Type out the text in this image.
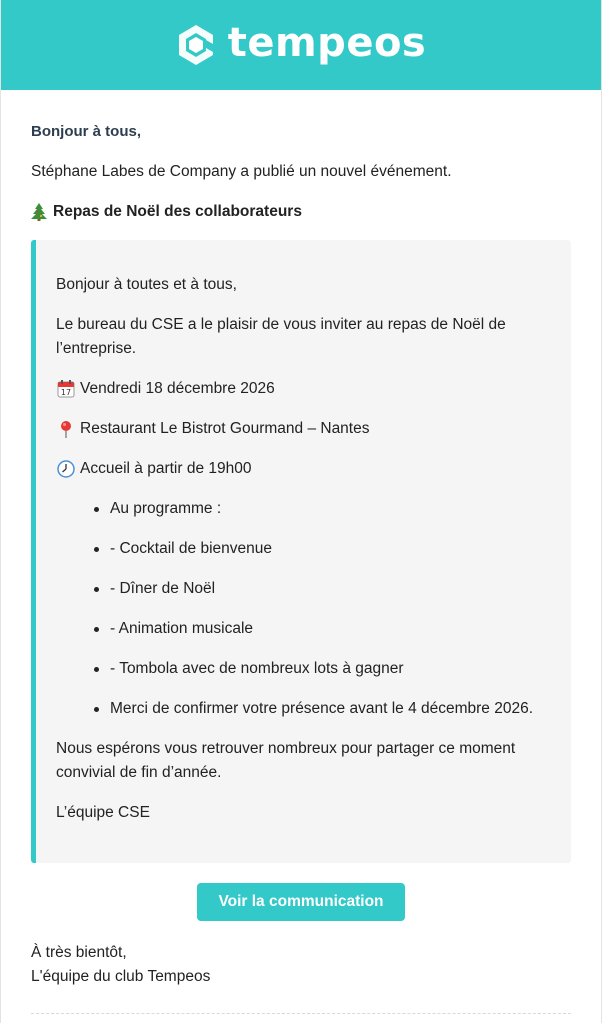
tempeos
Bonjour à tous,
Stéphane Labes de Company a publié un nouvel événement.
Repas de Noël des collaborateurs

Bonjour à toutes et à tous,

Le bureau du CSE a le plaisir de vous inviter au repas de Noël de l’entreprise.

17 Vendredi 18 décembre 2026

Restaurant Le Bistrot Gourmand – Nantes

Accueil à partir de 19h00

Au programme :
- Cocktail de bienvenue
- Dîner de Noël
- Animation musicale
- Tombola avec de nombreux lots à gagner
Merci de confirmer votre présence avant le 4 décembre 2026.

Nous espérons vous retrouver nombreux pour partager ce moment convivial de fin d’année.

L’équipe CSE

Voir la communication
À très bientôt,
L'équipe du club Tempeos
